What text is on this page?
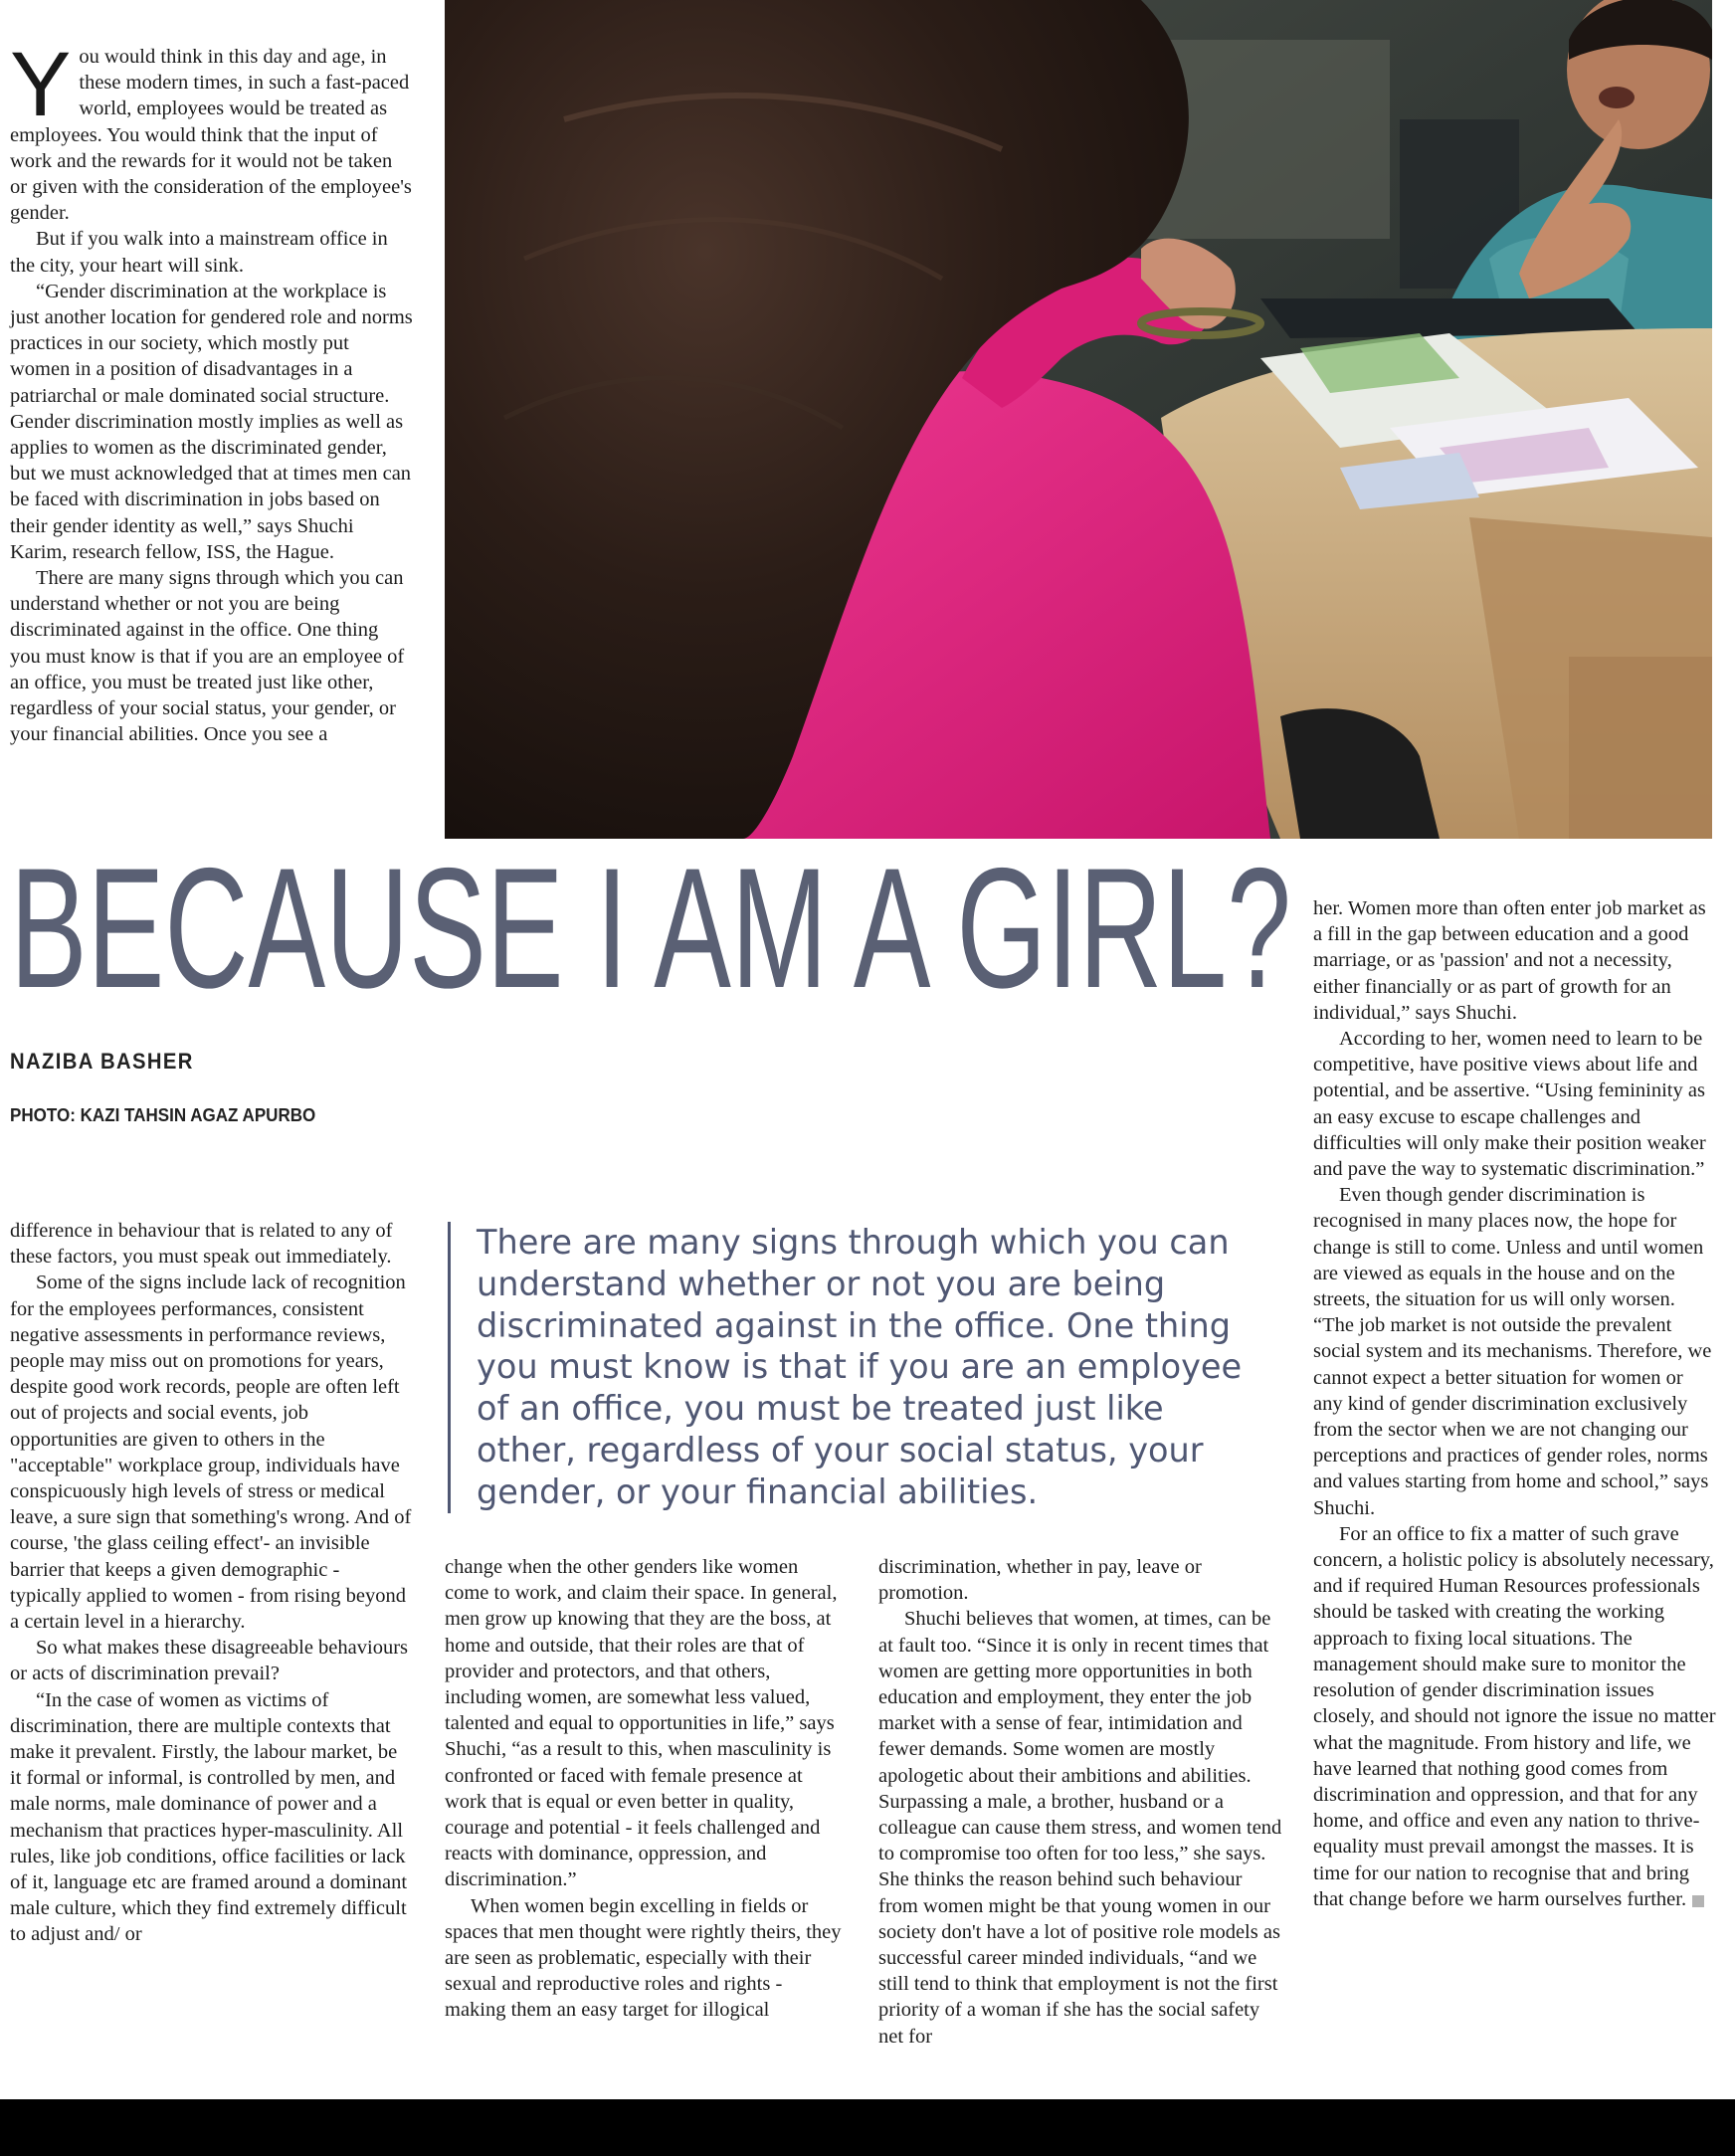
You would think in this day and age, in these modern times, in such a fast-paced world, employees would be treated as employees. You would think that the input of work and the rewards for it would not be taken or given with the consideration of the employee's gender.

But if you walk into a mainstream office in the city, your heart will sink.

“Gender discrimination at the workplace is just another location for gendered role and norms practices in our society, which mostly put women in a position of disadvantages in a patriarchal or male dominated social structure. Gender discrimination mostly implies as well as applies to women as the discriminated gender, but we must acknowledged that at times men can be faced with discrimination in jobs based on their gender identity as well,” says Shuchi Karim, research fellow, ISS, the Hague.

There are many signs through which you can understand whether or not you are being discriminated against in the office. One thing you must know is that if you are an employee of an office, you must be treated just like other, regardless of your social status, your gender, or your financial abilities. Once you see a

BECAUSE I AM A GIRL?

NAZIBA BASHER

PHOTO: KAZI TAHSIN AGAZ APURBO

There are many signs through which you can understand whether or not you are being discriminated against in the office. One thing you must know is that if you are an employee of an office, you must be treated just like other, regardless of your social status, your gender, or your financial abilities.

difference in behaviour that is related to any of these factors, you must speak out immediately.

Some of the signs include lack of recognition for the employees performances, consistent negative assessments in performance reviews, people may miss out on promotions for years, despite good work records, people are often left out of projects and social events, job opportunities are given to others in the "acceptable" workplace group, individuals have conspicuously high levels of stress or medical leave, a sure sign that something's wrong. And of course, 'the glass ceiling effect'- an invisible barrier that keeps a given demographic - typically applied to women - from rising beyond a certain level in a hierarchy.

So what makes these disagreeable behaviours or acts of discrimination prevail?

“In the case of women as victims of discrimination, there are multiple contexts that make it prevalent. Firstly, the labour market, be it formal or informal, is controlled by men, and male norms, male dominance of power and a mechanism that practices hyper-masculinity. All rules, like job conditions, office facilities or lack of it, language etc are framed around a dominant male culture, which they find extremely difficult to adjust and/ or

change when the other genders like women come to work, and claim their space. In general, men grow up knowing that they are the boss, at home and outside, that their roles are that of provider and protectors, and that others, including women, are somewhat less valued, talented and equal to opportunities in life,” says Shuchi, “as a result to this, when masculinity is confronted or faced with female presence at work that is equal or even better in quality, courage and potential - it feels challenged and reacts with dominance, oppression, and discrimination.”

When women begin excelling in fields or spaces that men thought were rightly theirs, they are seen as problematic, especially with their sexual and reproductive roles and rights - making them an easy target for illogical

discrimination, whether in pay, leave or promotion.

Shuchi believes that women, at times, can be at fault too. “Since it is only in recent times that women are getting more opportunities in both education and employment, they enter the job market with a sense of fear, intimidation and fewer demands. Some women are mostly apologetic about their ambitions and abilities. Surpassing a male, a brother, husband or a colleague can cause them stress, and women tend to compromise too often for too less,” she says. She thinks the reason behind such behaviour from women might be that young women in our society don't have a lot of positive role models as successful career minded individuals, “and we still tend to think that employment is not the first priority of a woman if she has the social safety net for

her. Women more than often enter job market as a fill in the gap between education and a good marriage, or as 'passion' and not a necessity, either financially or as part of growth for an individual,” says Shuchi.

According to her, women need to learn to be competitive, have positive views about life and potential, and be assertive. “Using femininity as an easy excuse to escape challenges and difficulties will only make their position weaker and pave the way to systematic discrimination.”

Even though gender discrimination is recognised in many places now, the hope for change is still to come. Unless and until women are viewed as equals in the house and on the streets, the situation for us will only worsen. “The job market is not outside the prevalent social system and its mechanisms. Therefore, we cannot expect a better situation for women or any kind of gender discrimination exclusively from the sector when we are not changing our perceptions and practices of gender roles, norms and values starting from home and school,” says Shuchi.

For an office to fix a matter of such grave concern, a holistic policy is absolutely necessary, and if required Human Resources professionals should be tasked with creating the working approach to fixing local situations. The management should make sure to monitor the resolution of gender discrimination issues closely, and should not ignore the issue no matter what the magnitude. From history and life, we have learned that nothing good comes from discrimination and oppression, and that for any home, and office and even any nation to thrive- equality must prevail amongst the masses. It is time for our nation to recognise that and bring that change before we harm ourselves further.
